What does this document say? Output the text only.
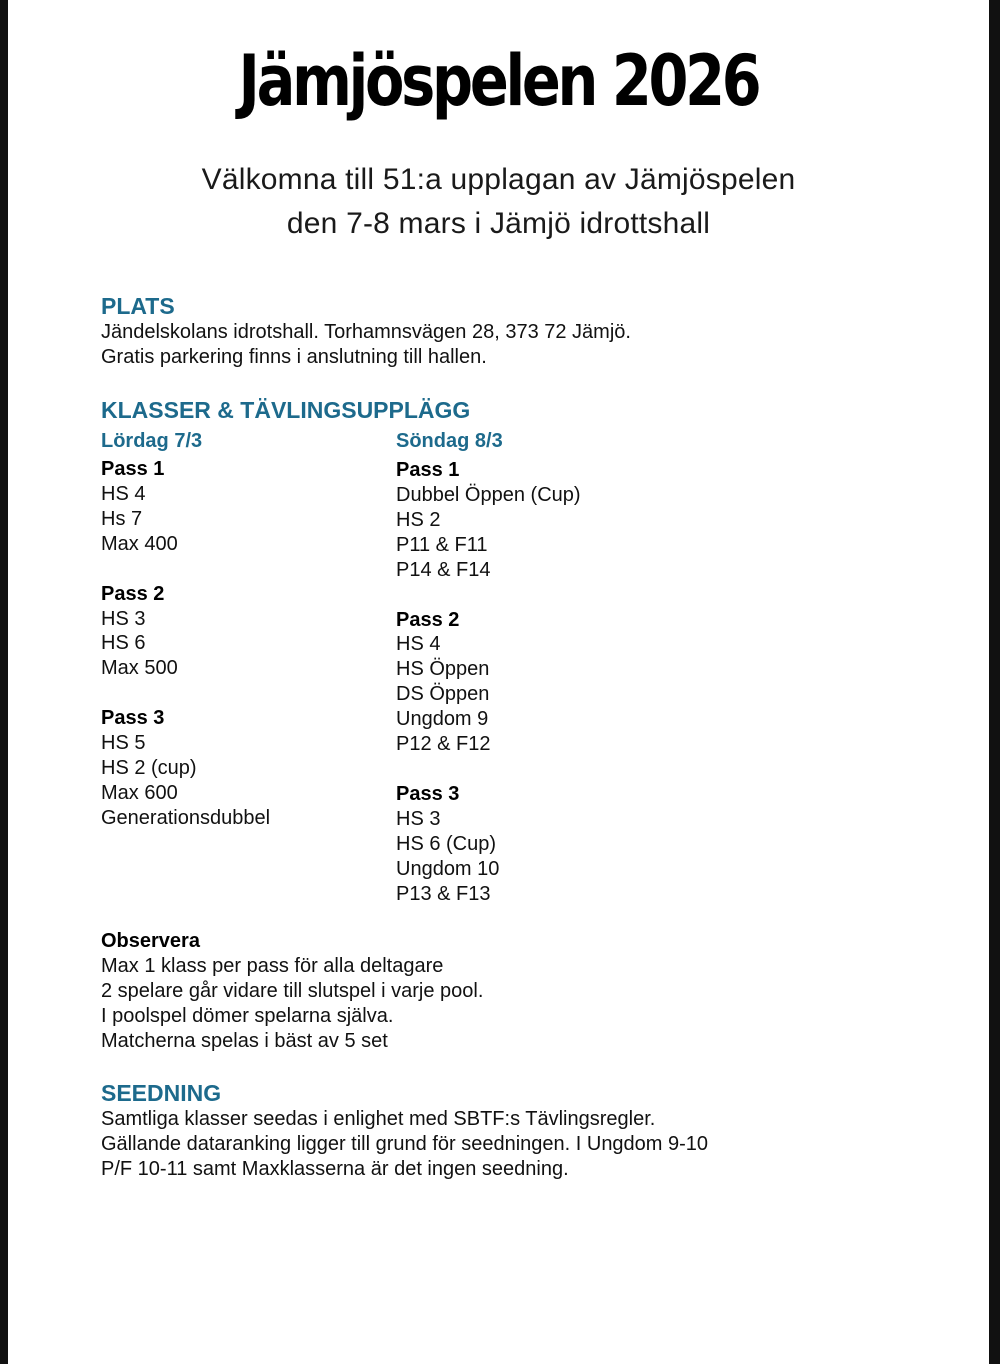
Jämjöspelen 2026
Välkomna till 51:a upplagan av Jämjöspelen
den 7-8 mars i Jämjö idrottshall
PLATS
Jändelskolans idrotshall. Torhamnsvägen 28, 373 72 Jämjö.
Gratis parkering finns i anslutning till hallen.
KLASSER & TÄVLINGSUPPLÄGG
Lördag 7/3	Söndag 8/3
Pass 1
HS 4
Hs 7
Max 400
Pass 2
HS 3
HS 6
Max 500
Pass 3
HS 5
HS 2 (cup)
Max 600
Generationsdubbel
Pass 1
Dubbel Öppen (Cup)
HS 2
P11 & F11
P14 & F14
Pass 2
HS 4
HS Öppen
DS Öppen
Ungdom 9
P12 & F12
Pass 3
HS 3
HS 6 (Cup)
Ungdom 10
P13 & F13
Observera
Max 1 klass per pass för alla deltagare
2 spelare går vidare till slutspel i varje pool.
I poolspel dömer spelarna själva.
Matcherna spelas i bäst av 5 set
SEEDNING
Samtliga klasser seedas i enlighet med SBTF:s Tävlingsregler.
Gällande dataranking ligger till grund för seedningen. I Ungdom 9-10
P/F 10-11 samt Maxklasserna är det ingen seedning.
